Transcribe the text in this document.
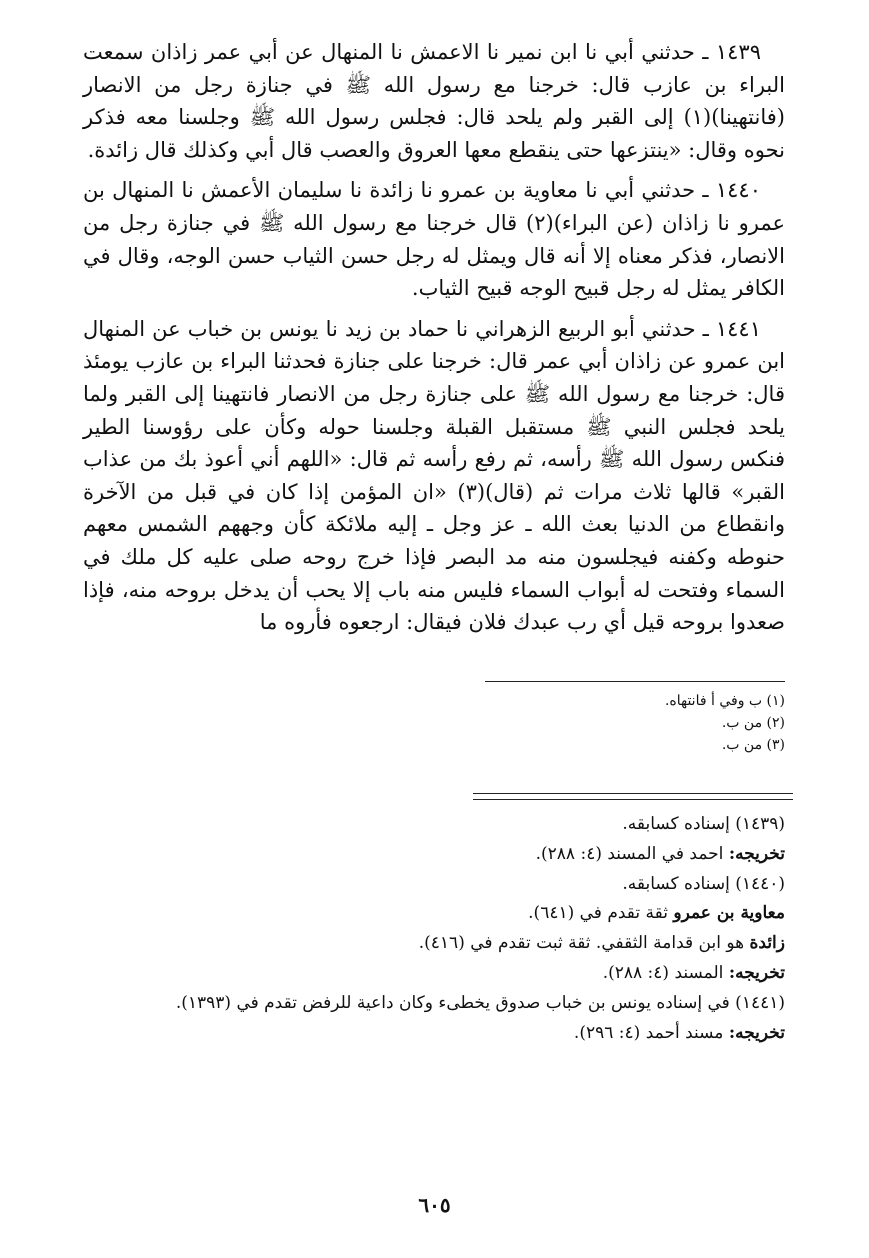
١٤٣٩ ـ حدثني أبي نا ابن نمير نا الاعمش نا المنهال عن أبي عمر زاذان سمعت البراء بن عازب قال: خرجنا مع رسول الله ﷺ في جنازة رجل من الانصار (فانتهينا)(١) إلى القبر ولم يلحد قال: فجلس رسول الله ﷺ وجلسنا معه فذكر نحوه وقال: «ينتزعها حتى ينقطع معها العروق والعصب قال أبي وكذلك قال زائدة.

١٤٤٠ ـ حدثني أبي نا معاوية بن عمرو نا زائدة نا سليمان الأعمش نا المنهال بن عمرو نا زاذان (عن البراء)(٢) قال خرجنا مع رسول الله ﷺ في جنازة رجل من الانصار، فذكر معناه إلا أنه قال ويمثل له رجل حسن الثياب حسن الوجه، وقال في الكافر يمثل له رجل قبيح الوجه قبيح الثياب.

١٤٤١ ـ حدثني أبو الربيع الزهراني نا حماد بن زيد نا يونس بن خباب عن المنهال ابن عمرو عن زاذان أبي عمر قال: خرجنا على جنازة فحدثنا البراء بن عازب يومئذ قال: خرجنا مع رسول الله ﷺ على جنازة رجل من الانصار فانتهينا إلى القبر ولما يلحد فجلس النبي ﷺ مستقبل القبلة وجلسنا حوله وكأن على رؤوسنا الطير فنكس رسول الله ﷺ رأسه، ثم رفع رأسه ثم قال: «اللهم أني أعوذ بك من عذاب القبر» قالها ثلاث مرات ثم (قال)(٣) «ان المؤمن إذا كان في قبل من الآخرة وانقطاع من الدنيا بعث الله ـ عز وجل ـ إليه ملائكة كأن وجههم الشمس معهم حنوطه وكفنه فيجلسون منه مد البصر فإذا خرج روحه صلى عليه كل ملك في السماء وفتحت له أبواب السماء فليس منه باب إلا يحب أن يدخل بروحه منه، فإذا صعدوا بروحه قيل أي رب عبدك فلان فيقال: ارجعوه فأروه ما

(١) ب وفي أ فانتهاه.
(٢) من ب.
(٣) من ب.
(١٤٣٩) إسناده كسابقه.
تخريجه: احمد في المسند (٤: ٢٨٨).
(١٤٤٠) إسناده كسابقه.
معاوية بن عمرو ثقة تقدم في (٦٤١).
زائدة هو ابن قدامة الثقفي. ثقة ثبت تقدم في (٤١٦).
تخريجه: المسند (٤: ٢٨٨).
(١٤٤١) في إسناده يونس بن خباب صدوق يخطىء وكان داعية للرفض تقدم في (١٣٩٣).
تخريجه: مسند أحمد (٤: ٢٩٦).
٦٠٥
